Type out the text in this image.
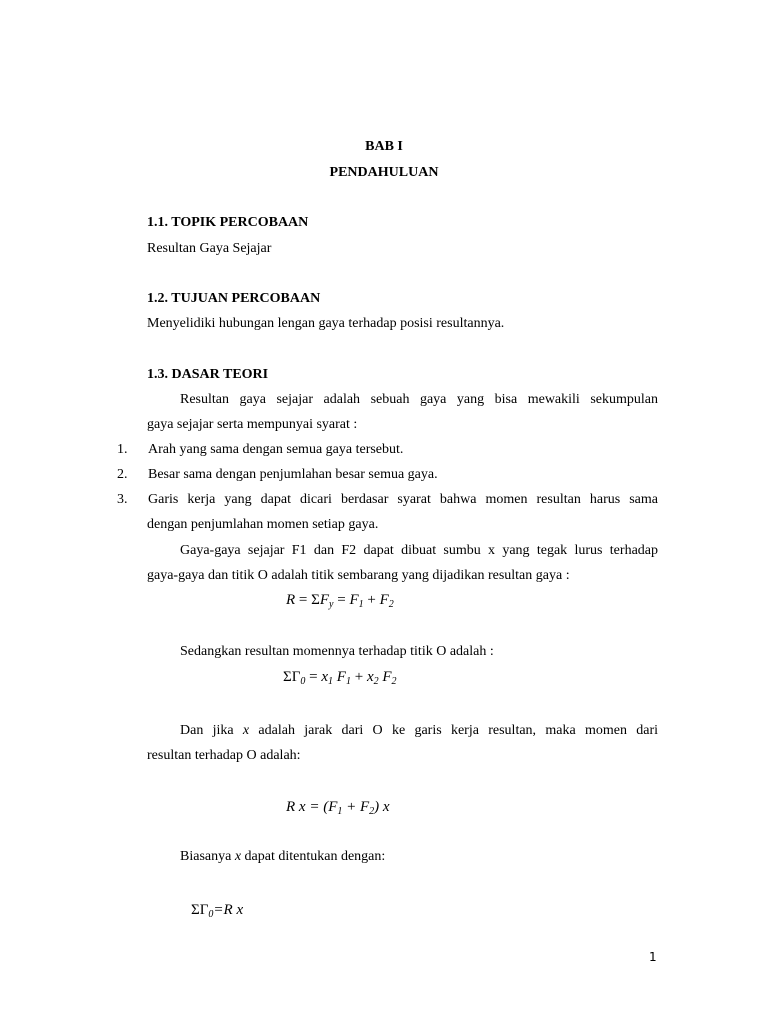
BAB I
PENDAHULUAN
1.1. TOPIK PERCOBAAN
Resultan Gaya Sejajar
1.2. TUJUAN PERCOBAAN
Menyelidiki hubungan lengan gaya terhadap posisi resultannya.
1.3. DASAR TEORI
Resultan gaya sejajar adalah sebuah gaya yang bisa mewakili sekumpulan
gaya sejajar serta mempunyai syarat :
1. Arah yang sama dengan semua gaya tersebut.
2. Besar sama dengan penjumlahan besar semua gaya.
3. Garis kerja yang dapat dicari berdasar syarat bahwa momen resultan harus sama
dengan penjumlahan momen setiap gaya.
Gaya-gaya sejajar F1 dan F2 dapat dibuat sumbu x yang tegak lurus terhadap
gaya-gaya dan titik O adalah titik sembarang yang dijadikan resultan gaya :
$R = \Sigma F_y = F_1 + F_2$
Sedangkan resultan momennya terhadap titik O adalah :
$\Sigma\Gamma_0 = x_1$ $F_1 + x_2$ $F_2$
Dan jika x adalah jarak dari O ke garis kerja resultan, maka momen dari
resultan terhadap O adalah:
R $x = (F_1 + F_2)$ x
Biasanya x dapat ditentukan dengan:
$\Sigma\Gamma_0=R$ x
1
